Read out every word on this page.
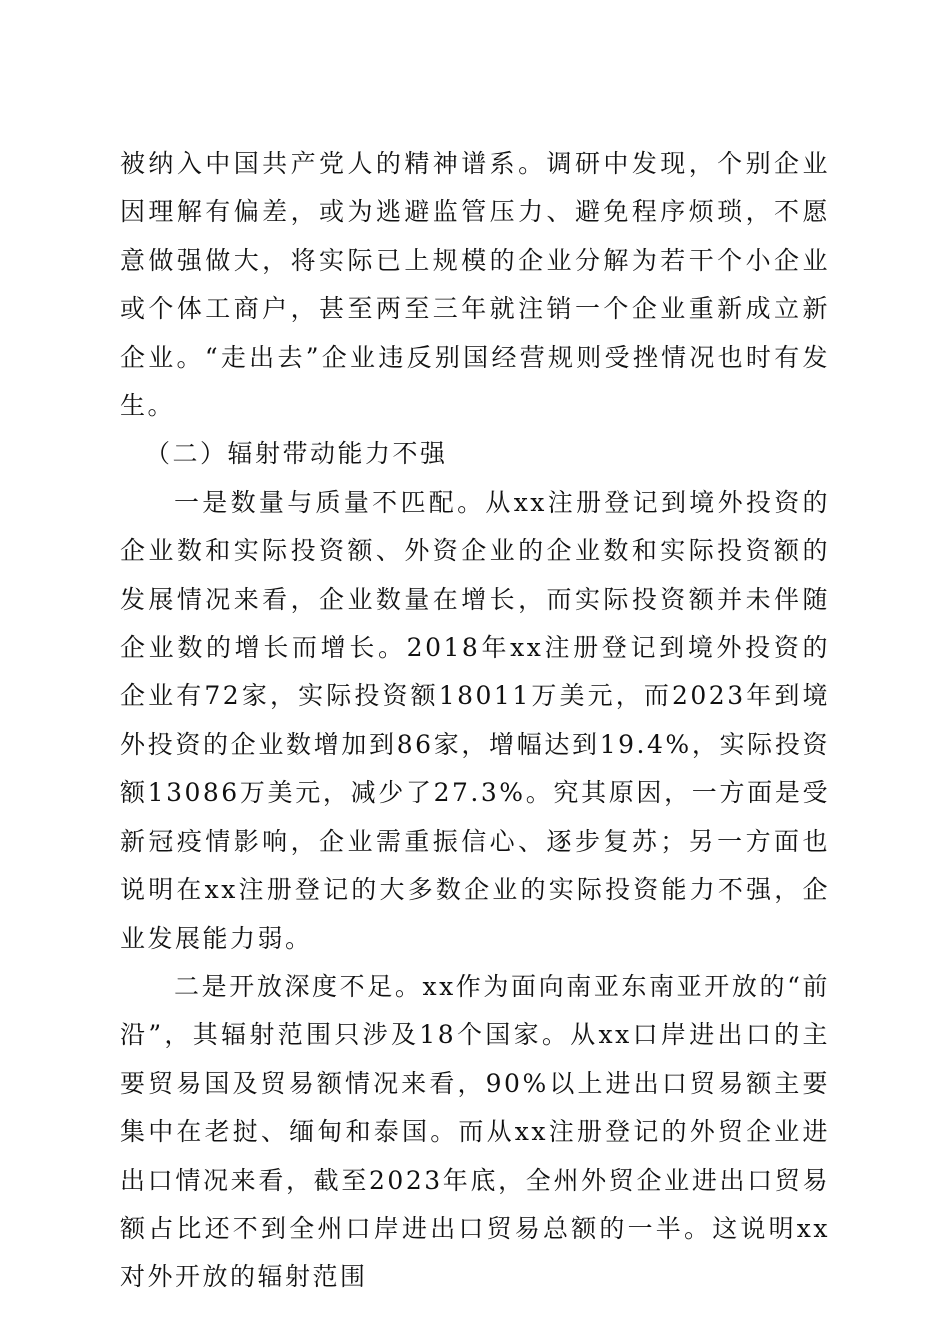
被纳入中国共产党人的精神谱系。调研中发现，个别企业因理解有偏差，或为逃避监管压力、避免程序烦琐，不愿意做强做大，将实际已上规模的企业分解为若干个小企业或个体工商户，甚至两至三年就注销一个企业重新成立新企业。“走出去”企业违反别国经营规则受挫情况也时有发生。

（二）辐射带动能力不强

一是数量与质量不匹配。从xx注册登记到境外投资的企业数和实际投资额、外资企业的企业数和实际投资额的发展情况来看，企业数量在增长，而实际投资额并未伴随企业数的增长而增长。2018年xx注册登记到境外投资的企业有72家，实际投资额18011万美元，而2023年到境外投资的企业数增加到86家，增幅达到19.4%，实际投资额13086万美元，减少了27.3%。究其原因，一方面是受新冠疫情影响，企业需重振信心、逐步复苏；另一方面也说明在xx注册登记的大多数企业的实际投资能力不强，企业发展能力弱。

二是开放深度不足。xx作为面向南亚东南亚开放的“前沿”，其辐射范围只涉及18个国家。从xx口岸进出口的主要贸易国及贸易额情况来看，90%以上进出口贸易额主要集中在老挝、缅甸和泰国。而从xx注册登记的外贸企业进出口情况来看，截至2023年底，全州外贸企业进出口贸易额占比还不到全州口岸进出口贸易总额的一半。这说明xx对外开放的辐射范围
